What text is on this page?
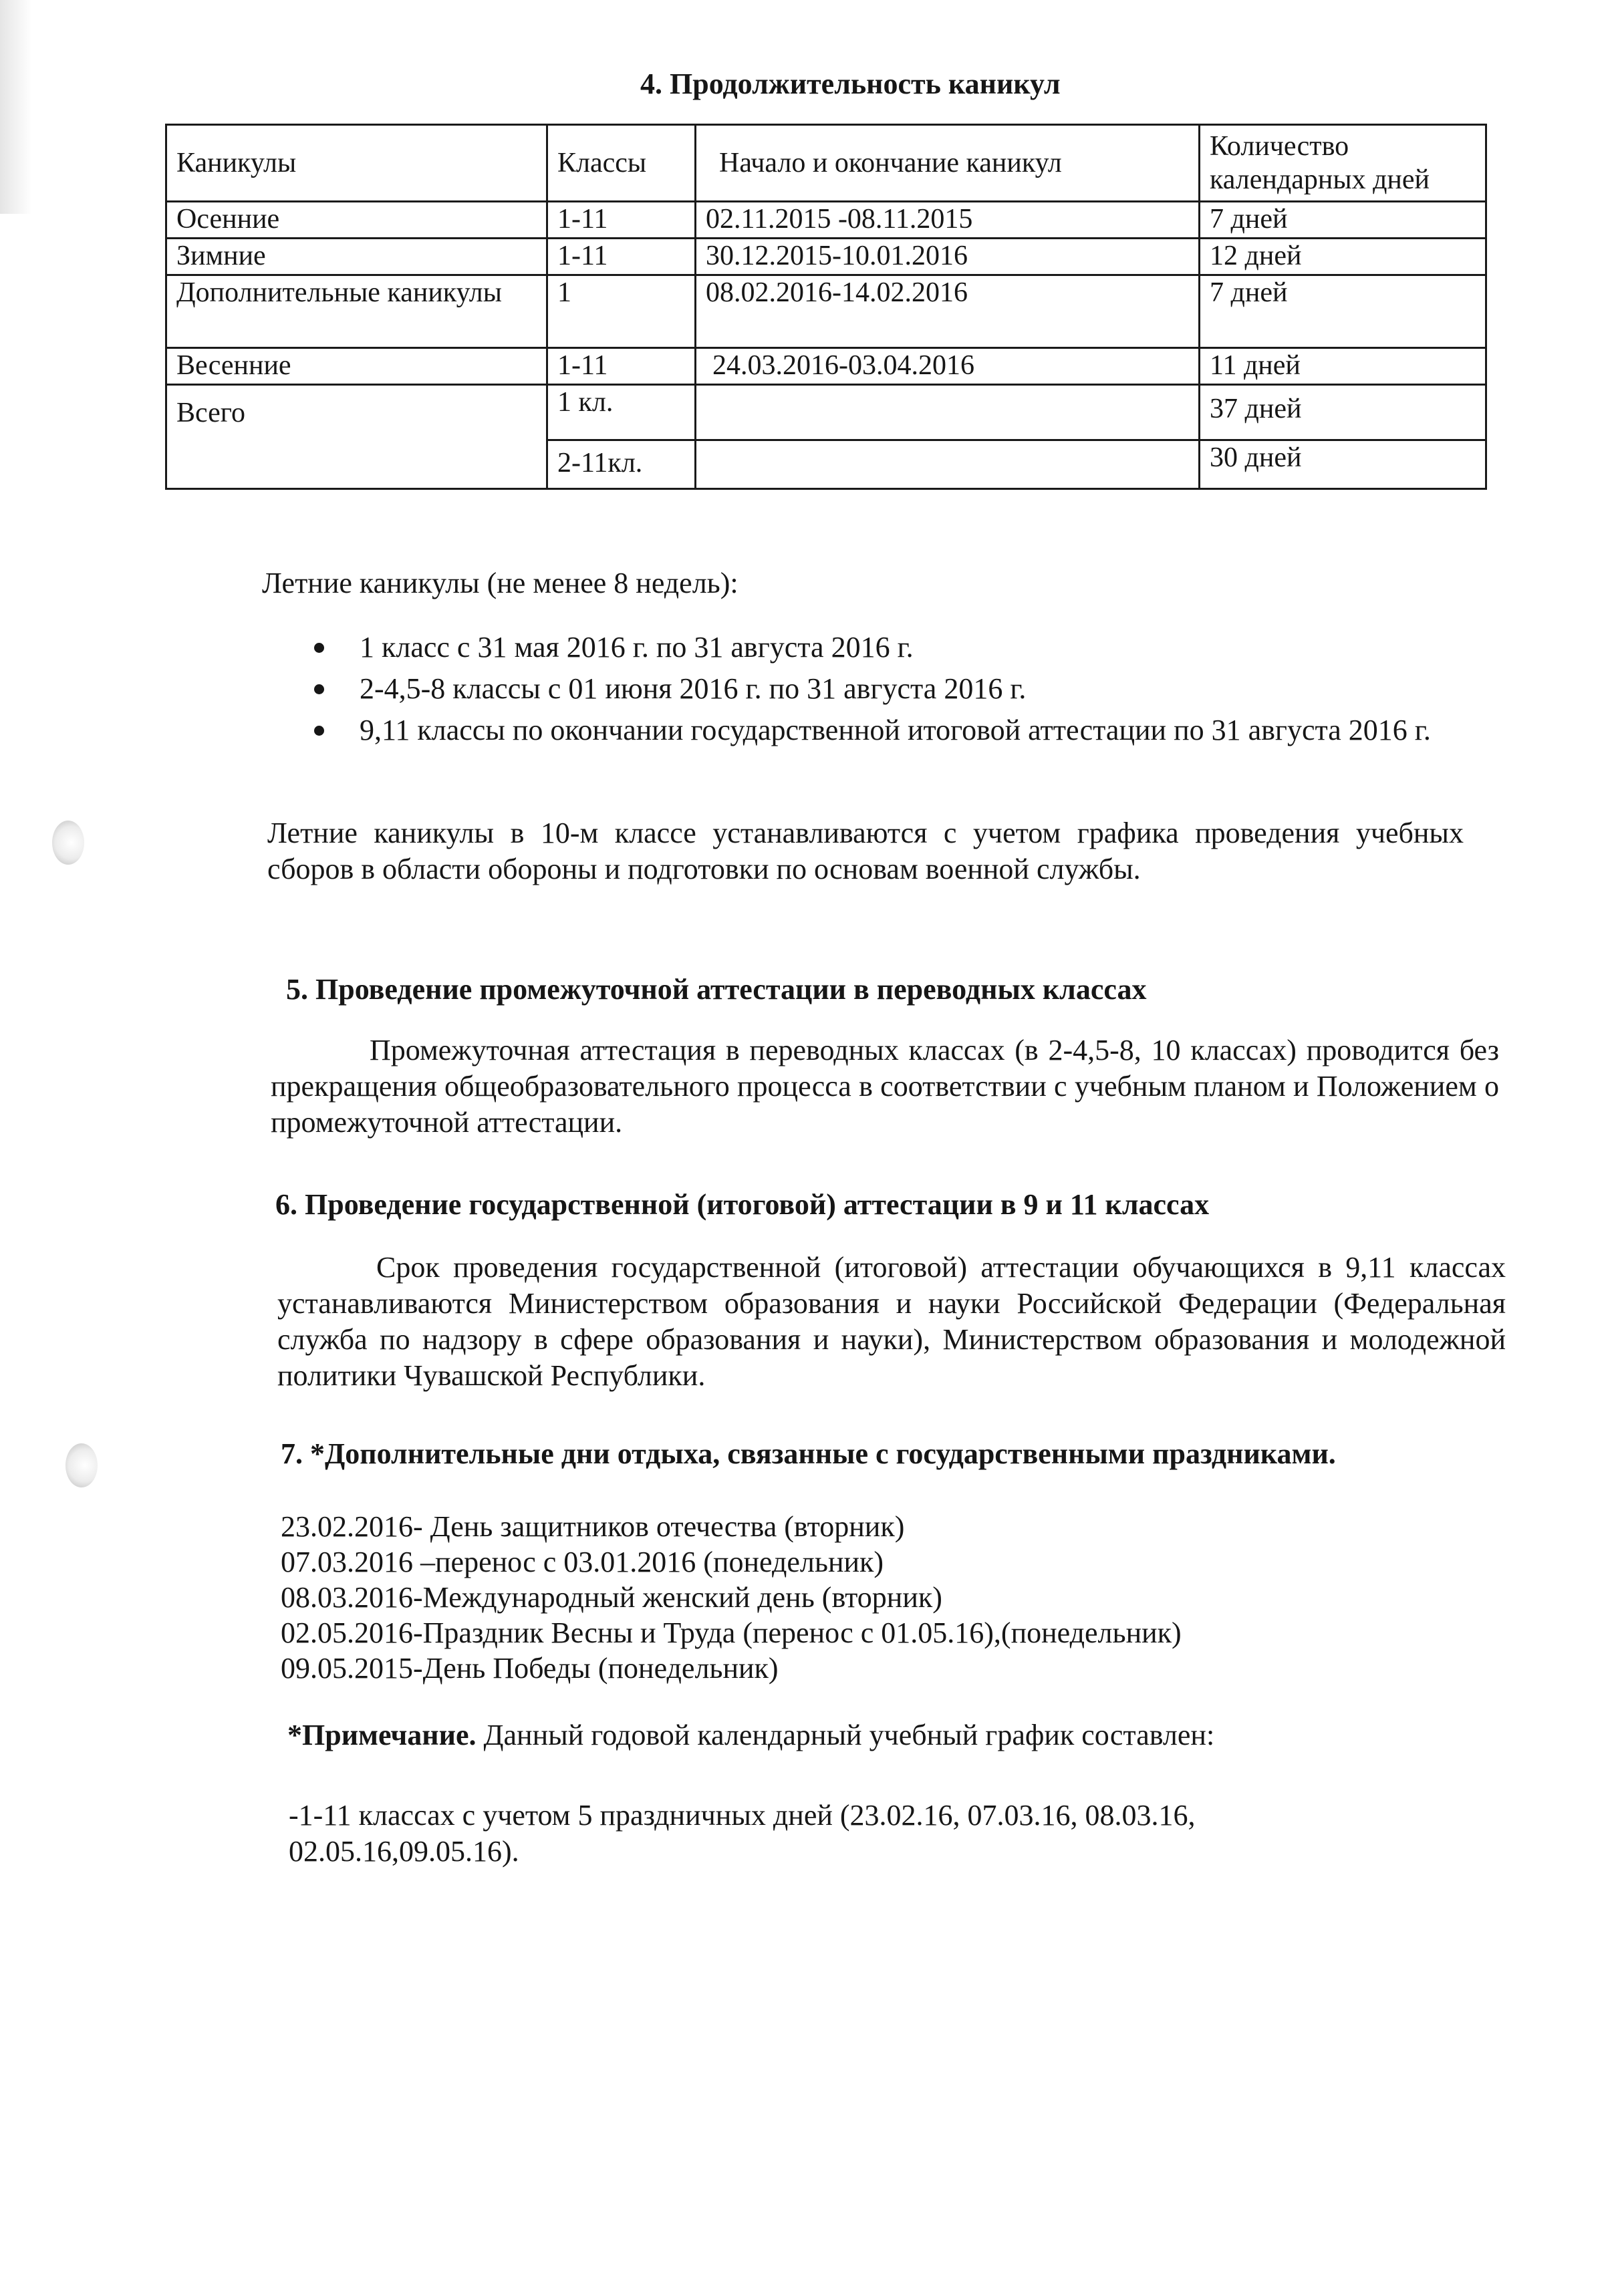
4. Продолжительность каникул
Каникулы	Классы	Начало и окончание каникул	Количество календарных дней
Осенние	1-11	02.11.2015 -08.11.2015	7 дней
Зимние	1-11	30.12.2015-10.01.2016	12 дней
Дополнительные каникулы	1	08.02.2016-14.02.2016	7 дней
Весенние	1-11	24.03.2016-03.04.2016	11 дней
Всего	1 кл.		37 дней
	2-11кл.		30 дней
Летние каникулы (не менее 8 недель):
1 класс с 31 мая 2016 г. по 31 августа 2016 г.
2-4,5-8 классы с 01 июня 2016 г. по 31 августа 2016 г.
9,11 классы по окончании государственной итоговой аттестации по 31 августа 2016 г.
Летние каникулы в 10-м классе устанавливаются с учетом графика проведения учебных сборов в области обороны и подготовки по основам военной службы.
5. Проведение промежуточной аттестации в переводных классах
Промежуточная аттестация в переводных классах (в 2-4,5-8, 10 классах) проводится без прекращения общеобразовательного процесса в соответствии с учебным планом и Положением о промежуточной аттестации.
6. Проведение государственной (итоговой) аттестации в 9 и 11 классах
Срок проведения государственной (итоговой) аттестации обучающихся в 9,11 классах устанавливаются Министерством образования и науки Российской Федерации (Федеральная служба по надзору в сфере образования и науки), Министерством образования и молодежной политики Чувашской Республики.
7. *Дополнительные дни отдыха, связанные с государственными праздниками.
23.02.2016- День защитников отечества (вторник)
07.03.2016 –перенос с 03.01.2016 (понедельник)
08.03.2016-Международный женский день (вторник)
02.05.2016-Праздник Весны и Труда (перенос с 01.05.16),(понедельник)
09.05.2015-День Победы (понедельник)
*Примечание. Данный годовой календарный учебный график составлен:
-1-11 классах с учетом 5 праздничных дней (23.02.16, 07.03.16, 08.03.16, 02.05.16,09.05.16).
